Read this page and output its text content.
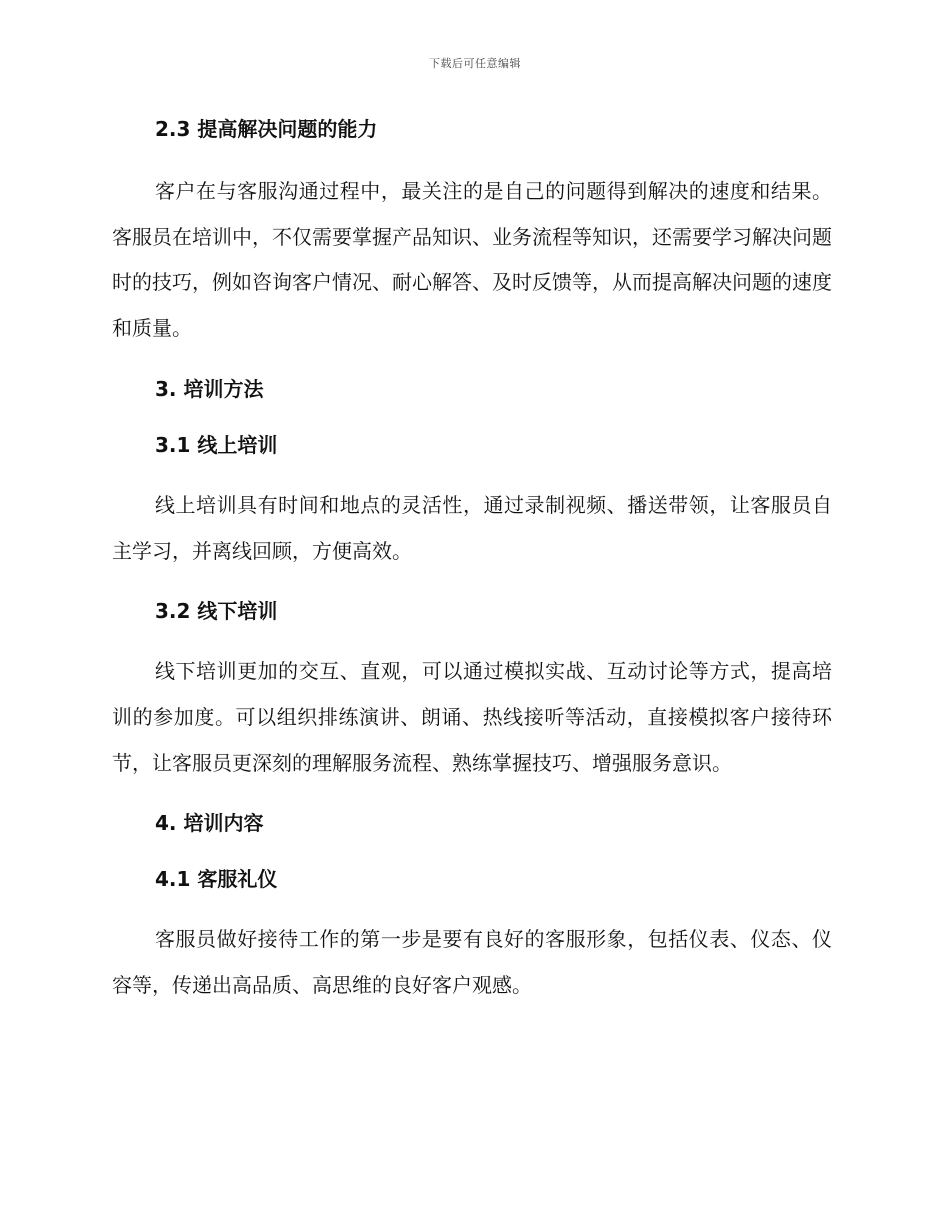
下载后可任意编辑
2.3 提高解决问题的能力

客户在与客服沟通过程中，最关注的是自己的问题得到解决的速度和结果。客服员在培训中，不仅需要掌握产品知识、业务流程等知识，还需要学习解决问题时的技巧，例如咨询客户情况、耐心解答、及时反馈等，从而提高解决问题的速度和质量。

3. 培训方法
3.1 线上培训

线上培训具有时间和地点的灵活性，通过录制视频、播送带领，让客服员自主学习，并离线回顾，方便高效。

3.2 线下培训

线下培训更加的交互、直观，可以通过模拟实战、互动讨论等方式，提高培训的参加度。可以组织排练演讲、朗诵、热线接听等活动，直接模拟客户接待环节，让客服员更深刻的理解服务流程、熟练掌握技巧、增强服务意识。

4. 培训内容
4.1 客服礼仪

客服员做好接待工作的第一步是要有良好的客服形象，包括仪表、仪态、仪容等，传递出高品质、高思维的良好客户观感。
